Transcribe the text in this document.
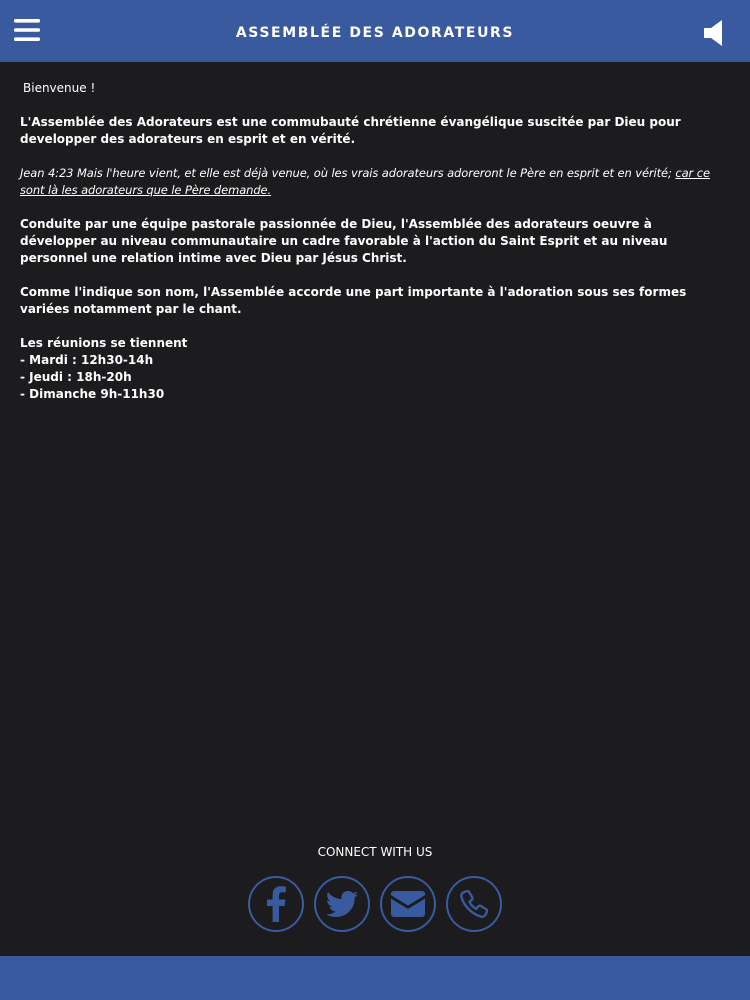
ASSEMBLÉE DES ADORATEURS

Bienvenue !

L'Assemblée des Adorateurs est une commubauté chrétienne évangélique suscitée par Dieu pour developper des adorateurs en esprit et en vérité.

Jean 4:23 Mais l'heure vient, et elle est déjà venue, où les vrais adorateurs adoreront le Père en esprit et en vérité; car ce sont là les adorateurs que le Père demande.

Conduite par une équipe pastorale passionnée de Dieu, l'Assemblée des adorateurs oeuvre à développer au niveau communautaire un cadre favorable à l'action du Saint Esprit et au niveau personnel une relation intime avec Dieu par Jésus Christ.

Comme l'indique son nom, l'Assemblée accorde une part importante à l'adoration sous ses formes variées notamment par le chant.

Les réunions se tiennent
- Mardi : 12h30-14h
- Jeudi : 18h-20h
- Dimanche 9h-11h30
CONNECT WITH US
